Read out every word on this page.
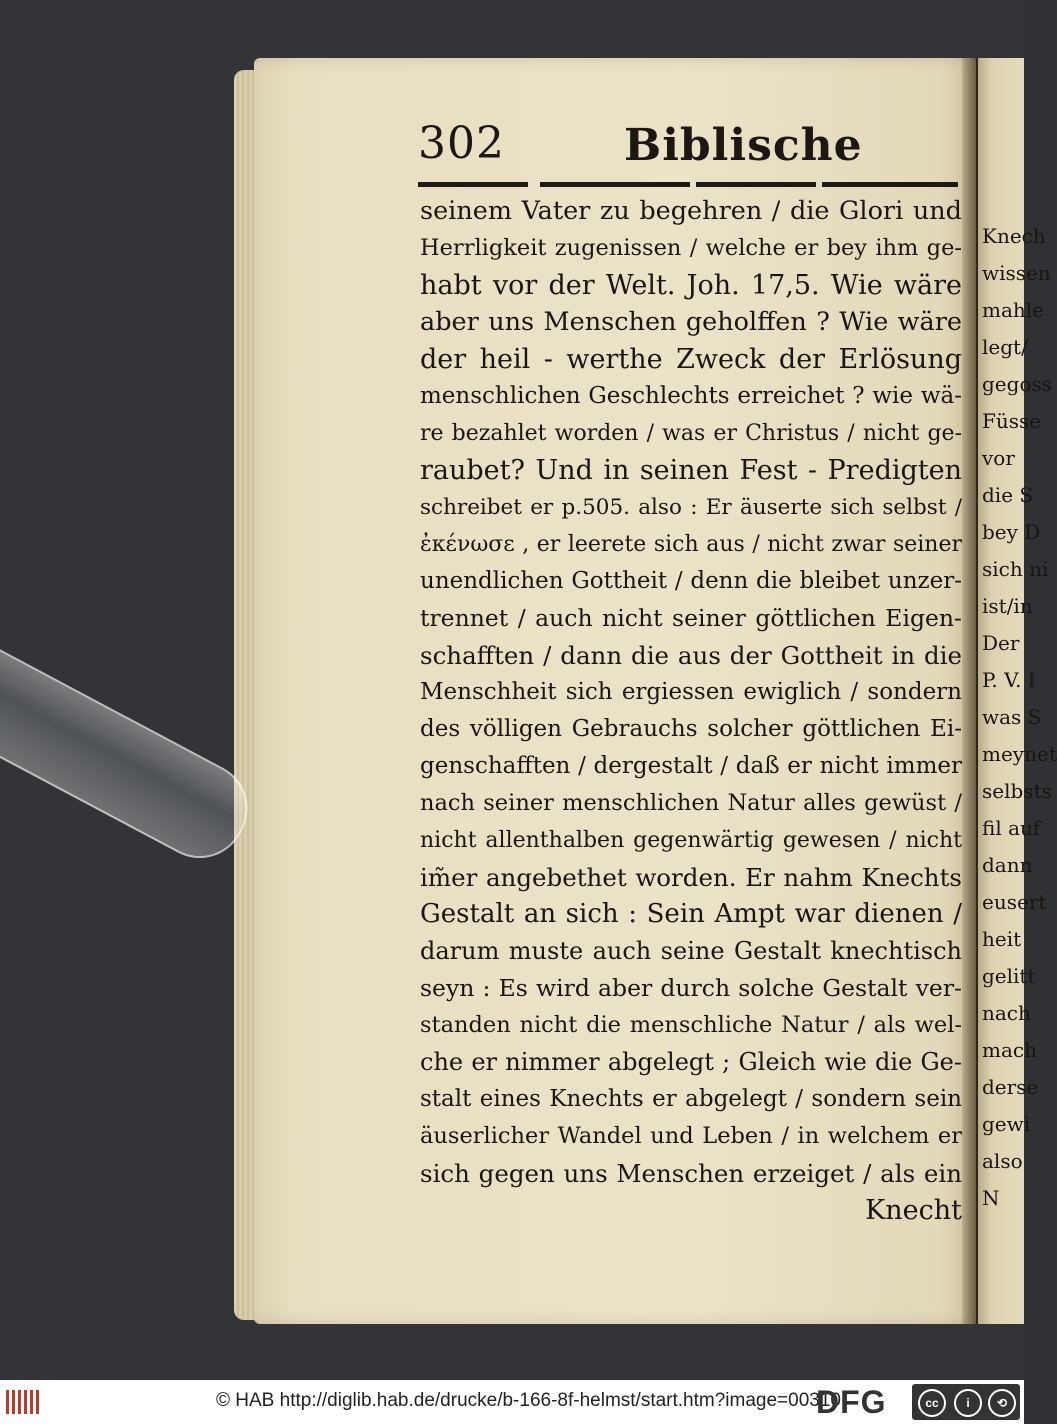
Knech
wissen
mahle
legt/
gegoss
Füsse
vor
die S
bey D
sich ni
ist/in
Der
P. V. I
was S
meynet
selbsts
fil auf
dann
eusert
heit
gelitt
nach
mach
derse
gewi
also
N
302	Biblische
seinem Vater zu begehren / die Glori und
Herrligkeit zugenissen / welche er bey ihm ge-
habt vor der Welt. Joh. 17,5. Wie wäre
aber uns Menschen geholffen ? Wie wäre
der heil - werthe Zweck der Erlösung
menschlichen Geschlechts erreichet ? wie wä-
re bezahlet worden / was er Christus / nicht ge-
raubet? Und in seinen Fest - Predigten
schreibet er p.505. also : Er äuserte sich selbst /
ἐκένωσε , er leerete sich aus / nicht zwar seiner
unendlichen Gottheit / denn die bleibet unzer-
trennet / auch nicht seiner göttlichen Eigen-
schafften / dann die aus der Gottheit in die
Menschheit sich ergiessen ewiglich / sondern
des völligen Gebrauchs solcher göttlichen Ei-
genschafften / dergestalt / daß er nicht immer
nach seiner menschlichen Natur alles gewüst /
nicht allenthalben gegenwärtig gewesen / nicht
im̃er angebethet worden. Er nahm Knechts
Gestalt an sich : Sein Ampt war dienen /
darum muste auch seine Gestalt knechtisch
seyn : Es wird aber durch solche Gestalt ver-
standen nicht die menschliche Natur / als wel-
che er nimmer abgelegt ; Gleich wie die Ge-
stalt eines Knechts er abgelegt / sondern sein
äuserlicher Wandel und Leben / in welchem er
sich gegen uns Menschen erzeiget / als ein
Knecht
© HAB http://diglib.hab.de/drucke/b-166-8f-helmst/start.htm?image=00310
DFG	cc	i	⟲
